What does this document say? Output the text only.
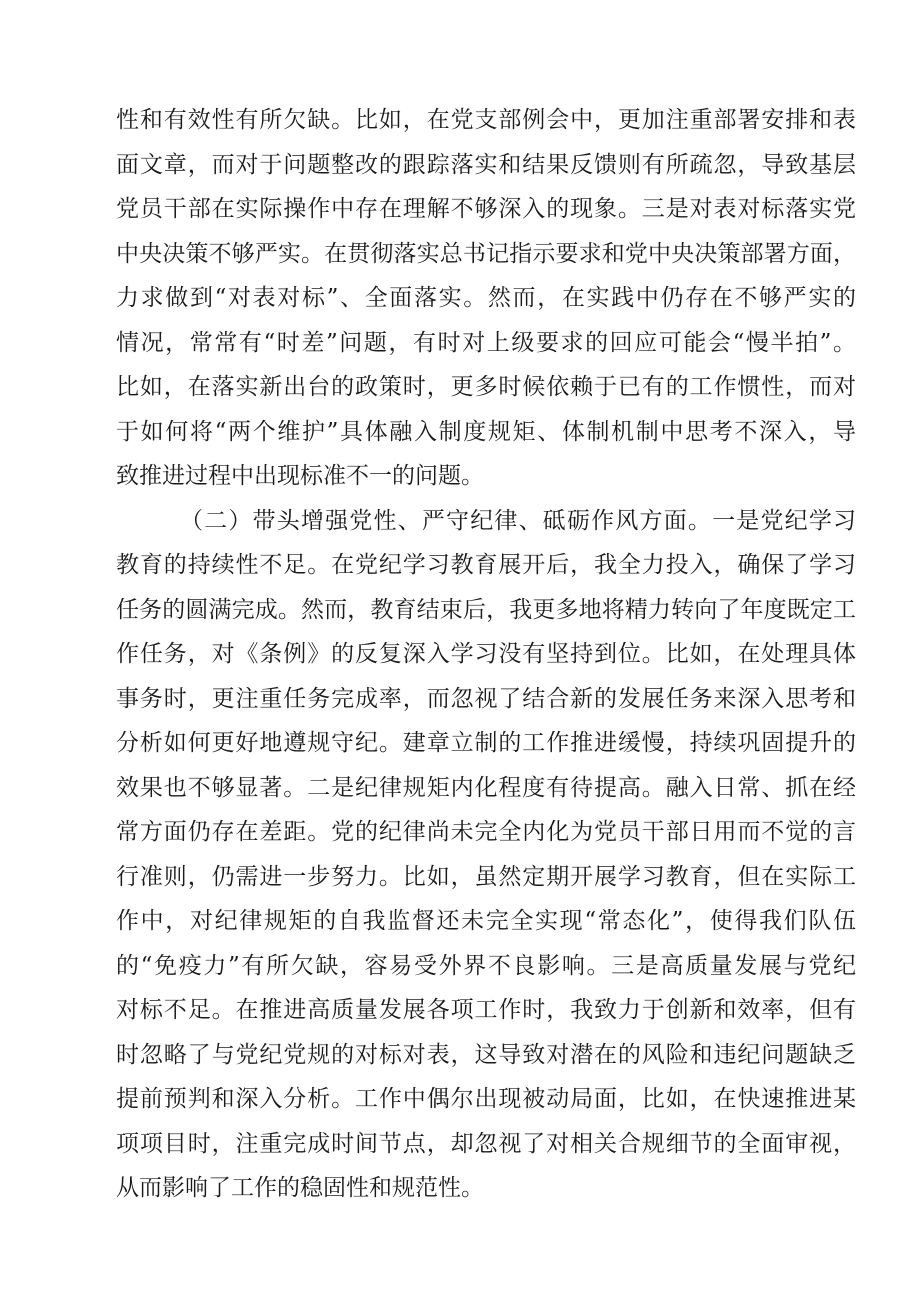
性和有效性有所欠缺。比如，在党支部例会中，更加注重部署安排和表
面文章，而对于问题整改的跟踪落实和结果反馈则有所疏忽，导致基层
党员干部在实际操作中存在理解不够深入的现象。三是对表对标落实党
中央决策不够严实。在贯彻落实总书记指示要求和党中央决策部署方面，
力求做到“对表对标”、全面落实。然而，在实践中仍存在不够严实的
情况，常常有“时差”问题，有时对上级要求的回应可能会“慢半拍”。
比如，在落实新出台的政策时，更多时候依赖于已有的工作惯性，而对
于如何将“两个维护”具体融入制度规矩、体制机制中思考不深入，导
致推进过程中出现标准不一的问题。
（二）带头增强党性、严守纪律、砥砺作风方面。一是党纪学习
教育的持续性不足。在党纪学习教育展开后，我全力投入，确保了学习
任务的圆满完成。然而，教育结束后，我更多地将精力转向了年度既定工
作任务，对《条例》的反复深入学习没有坚持到位。比如，在处理具体
事务时，更注重任务完成率，而忽视了结合新的发展任务来深入思考和
分析如何更好地遵规守纪。建章立制的工作推进缓慢，持续巩固提升的
效果也不够显著。二是纪律规矩内化程度有待提高。融入日常、抓在经
常方面仍存在差距。党的纪律尚未完全内化为党员干部日用而不觉的言
行准则，仍需进一步努力。比如，虽然定期开展学习教育，但在实际工
作中，对纪律规矩的自我监督还未完全实现“常态化”，使得我们队伍
的“免疫力”有所欠缺，容易受外界不良影响。三是高质量发展与党纪
对标不足。在推进高质量发展各项工作时，我致力于创新和效率，但有
时忽略了与党纪党规的对标对表，这导致对潜在的风险和违纪问题缺乏
提前预判和深入分析。工作中偶尔出现被动局面，比如，在快速推进某
项项目时，注重完成时间节点，却忽视了对相关合规细节的全面审视，
从而影响了工作的稳固性和规范性。
